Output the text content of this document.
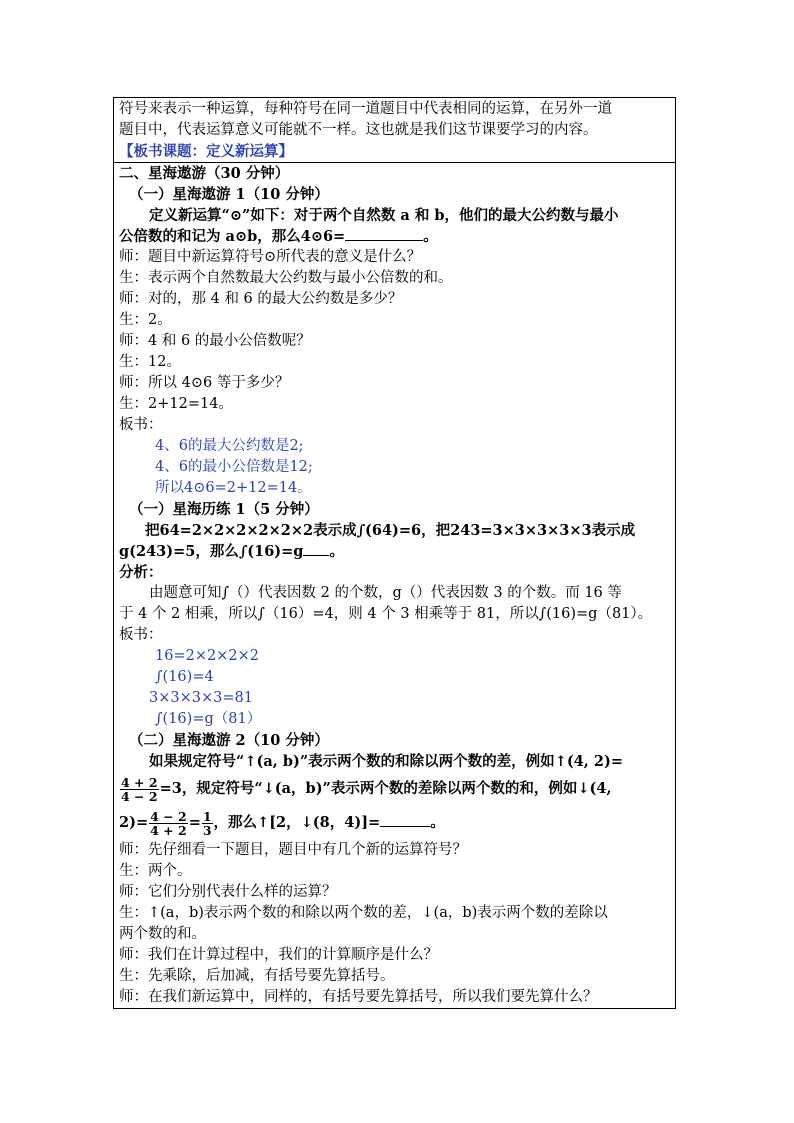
符号来表示一种运算，每种符号在同一道题目中代表相同的运算，在另外一道
题目中，代表运算意义可能就不一样。这也就是我们这节课要学习的内容。
【板书课题：定义新运算】
二、星海遨游（30 分钟）
（一）星海遨游 1（10 分钟）
定义新运算“⊙”如下：对于两个自然数 a 和 b，他们的最大公约数与最小
公倍数的和记为 a⊙b，那么4⊙6=	。
师：题目中新运算符号⊙所代表的意义是什么？
生：表示两个自然数最大公约数与最小公倍数的和。
师：对的，那 4 和 6 的最大公约数是多少？
生：2。
师：4 和 6 的最小公倍数呢？
生：12。
师：所以 4⊙6 等于多少？
生：2+12=14。
板书：
4、6的最大公约数是2;
4、6的最小公倍数是12;
所以4⊙6=2+12=14。
（一）星海历练 1（5 分钟）
把64=2×2×2×2×2×2表示成∫(64)=6，把243=3×3×3×3×3表示成
g(243)=5，那么∫(16)=g 。
分析：
由题意可知∫（）代表因数 2 的个数，g（）代表因数 3 的个数。而 16 等
于 4 个 2 相乘，所以∫（16）=4，则 4 个 3 相乘等于 81，所以∫(16)=g（81）。
板书：
16=2×2×2×2
∫(16)=4
3×3×3×3=81
∫(16)=g（81）
（二）星海遨游 2（10 分钟）
如果规定符号“↑(a, b)”表示两个数的和除以两个数的差，例如↑(4, 2)=
$\frac{4 + 2}{4 - 2} =3$，规定符号“↓(a，b)”表示两个数的差除以两个数的和，例如↓(4,
$2)= \frac{4 - 2}{4 + 2} = \frac{1}{3}$ ，那么↑[2，↓(8，4)]=	。
师：先仔细看一下题目，题目中有几个新的运算符号？
生：两个。
师：它们分别代表什么样的运算？
生：↑(a，b)表示两个数的和除以两个数的差，↓(a，b)表示两个数的差除以
两个数的和。
师：我们在计算过程中，我们的计算顺序是什么？
生：先乘除，后加减，有括号要先算括号。
师：在我们新运算中，同样的，有括号要先算括号，所以我们要先算什么？
